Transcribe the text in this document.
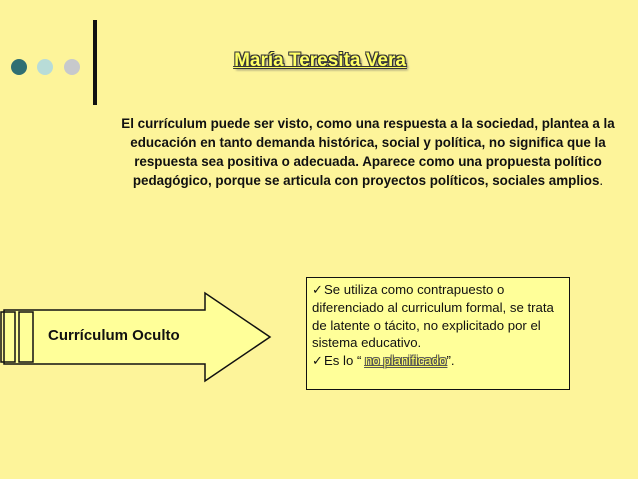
María Teresita Vera
El currículum puede ser visto, como una respuesta a la sociedad, plantea a la educación en tanto demanda histórica, social y política, no significa que la respuesta sea positiva o adecuada. Aparece como una propuesta político pedagógico, porque se articula con proyectos políticos, sociales amplios.
Currículum Oculto
✓Se utiliza como contrapuesto o diferenciado al curriculum formal, se trata de latente o tácito, no explicitado por el sistema educativo.
✓Es lo “ no planificado”.
